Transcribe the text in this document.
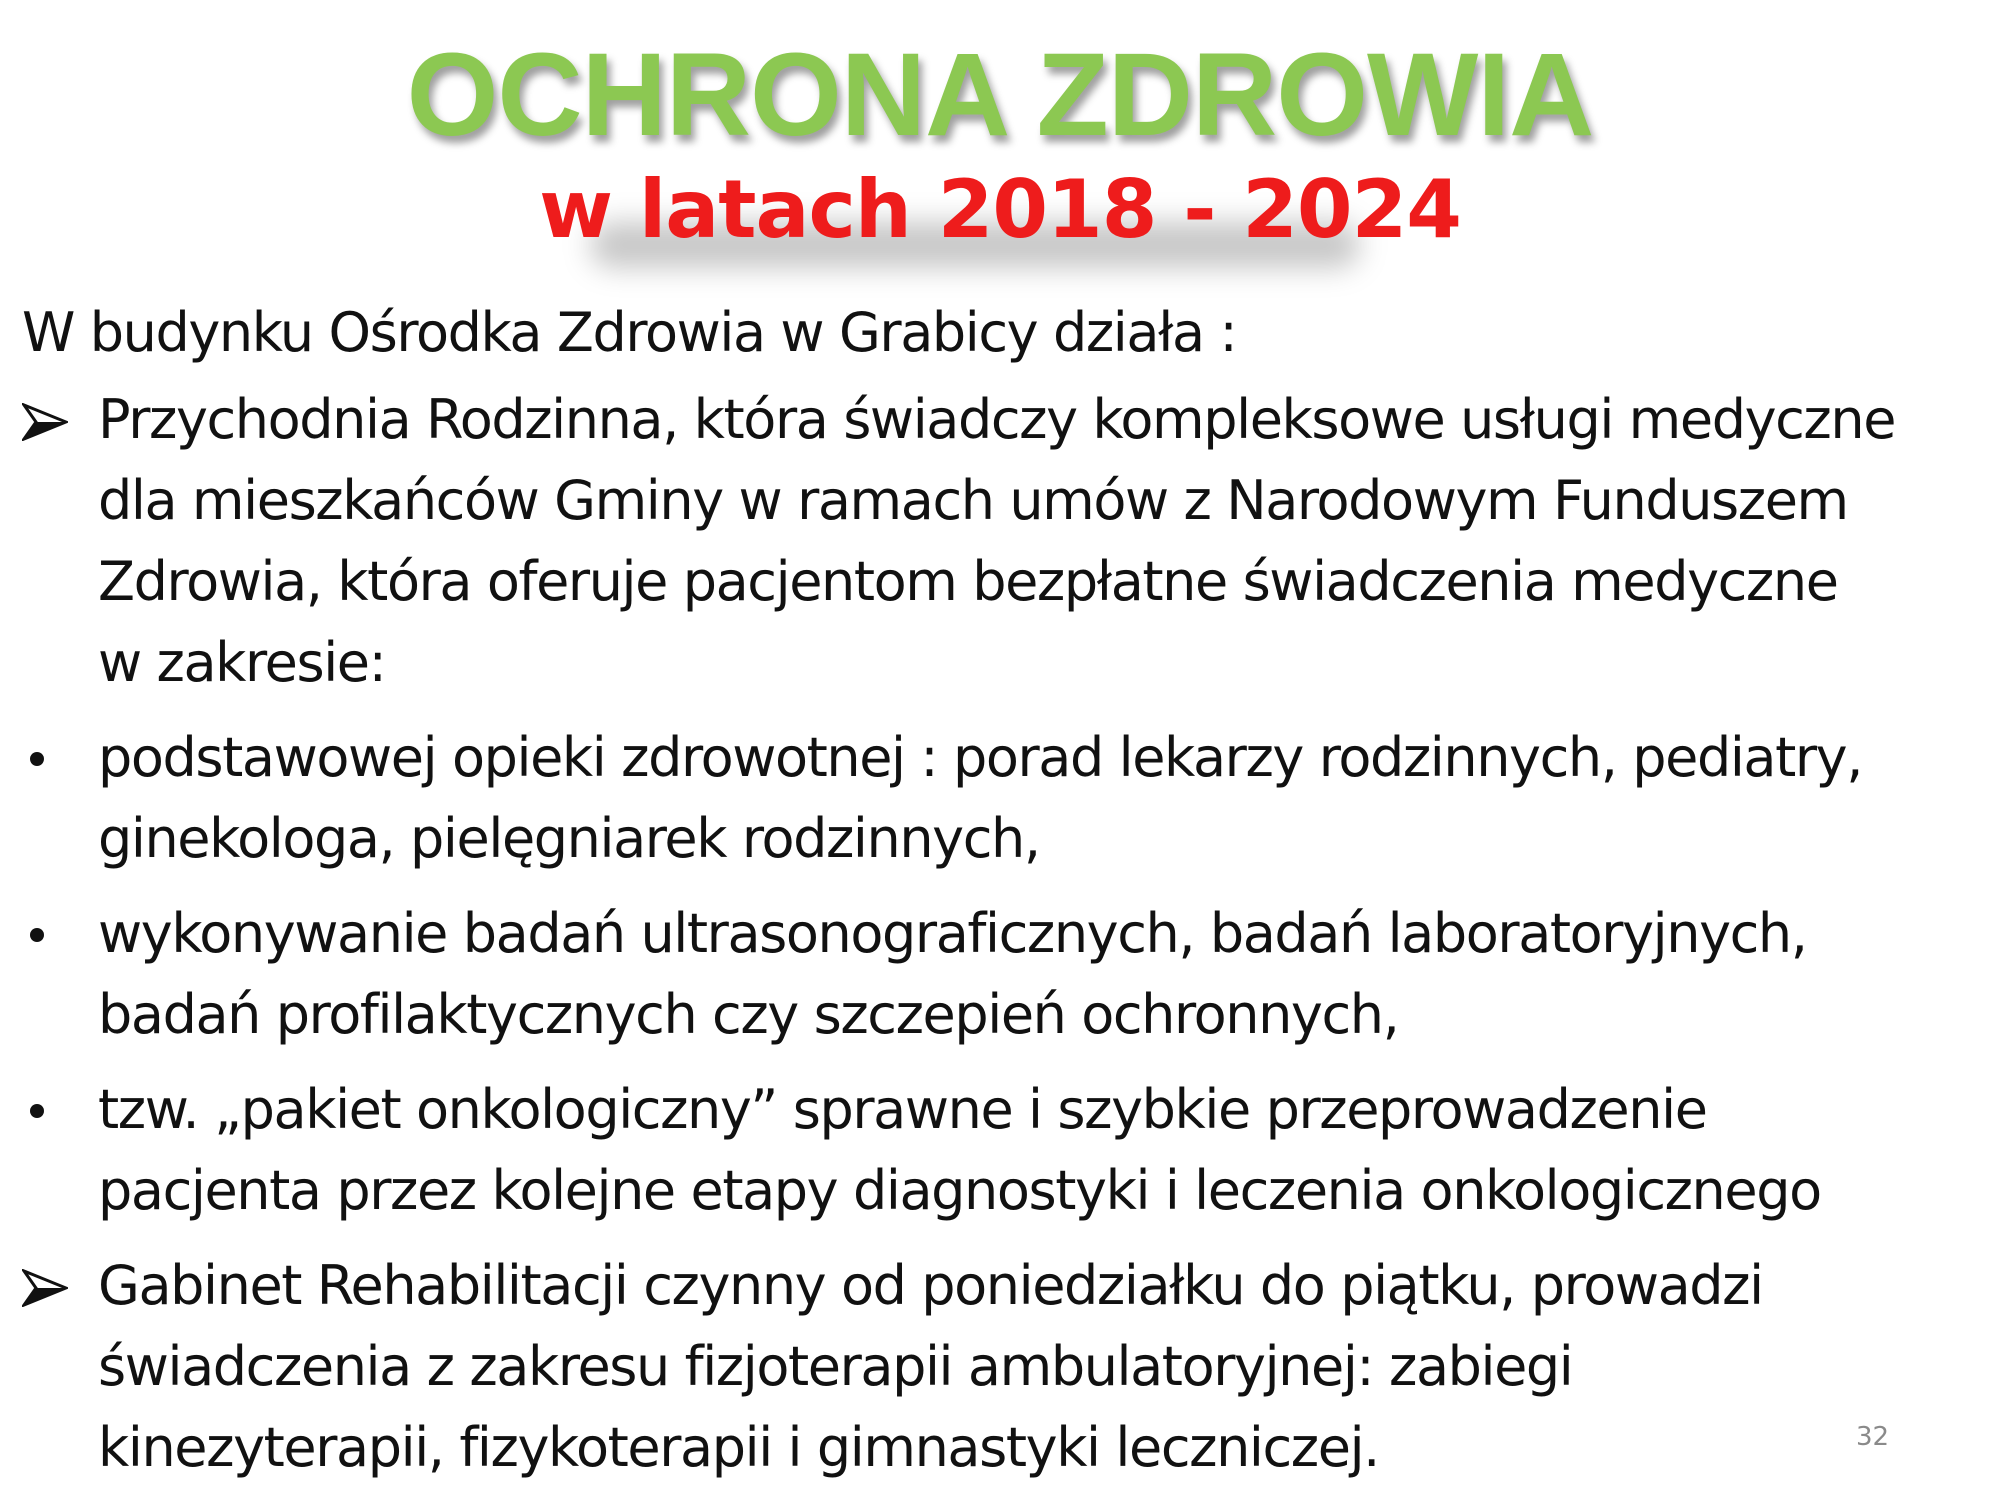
OCHRONA ZDROWIA
w latach 2018 - 2024

W budynku Ośrodka Zdrowia w Grabicy działa :

Przychodnia Rodzinna, która świadczy kompleksowe usługi medyczne
dla mieszkańców Gminy w ramach umów z Narodowym Funduszem
Zdrowia, która oferuje pacjentom bezpłatne świadczenia medyczne
w zakresie:
podstawowej opieki zdrowotnej : porad lekarzy rodzinnych, pediatry,
ginekologa, pielęgniarek rodzinnych,
wykonywanie badań ultrasonograficznych, badań laboratoryjnych,
badań profilaktycznych czy szczepień ochronnych,
tzw. „pakiet onkologiczny” sprawne i szybkie przeprowadzenie
pacjenta przez kolejne etapy diagnostyki i leczenia onkologicznego
Gabinet Rehabilitacji czynny od poniedziałku do piątku, prowadzi
świadczenia z zakresu fizjoterapii ambulatoryjnej: zabiegi
kinezyterapii, fizykoterapii i gimnastyki leczniczej.	32
